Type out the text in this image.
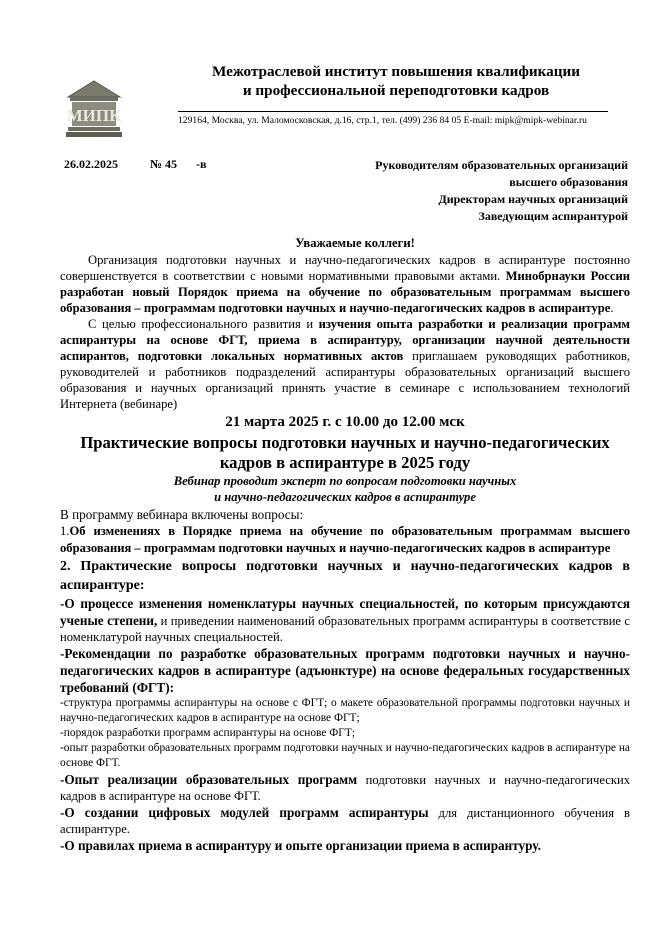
МИПК
Межотраслевой институт повышения квалификации
и профессиональной переподготовки кадров
129164, Москва, ул. Маломосковская, д.16, стр.1, тел. (499) 236 84 05 E-mail: mipk@mipk-webinar.ru
26.02.2025	№ 45 -в	Руководителям образовательных организаций
высшего образования
Директорам научных организаций
Заведующим аспирантурой
Уважаемые коллеги!

Организация подготовки научных и научно-педагогических кадров в аспирантуре постоянно совершенствуется в соответствии с новыми нормативными правовыми актами. Минобрнауки России разработан новый Порядок приема на обучение по образовательным программам высшего образования – программам подготовки научных и научно-педагогических кадров в аспирантуре.

С целью профессионального развития и изучения опыта разработки и реализации программ аспирантуры на основе ФГТ, приема в аспирантуру, организации научной деятельности аспирантов, подготовки локальных нормативных актов приглашаем руководящих работников, руководителей и работников подразделений аспирантуры образовательных организаций высшего образования и научных организаций принять участие в семинаре с использованием технологий Интернета (вебинаре)

21 марта 2025 г. с 10.00 до 12.00 мск
Практические вопросы подготовки научных и научно-педагогических
кадров в аспирантуре в 2025 году
Вебинар проводит эксперт по вопросам подготовки научных
и научно-педагогических кадров в аспирантуре
В программу вебинара включены вопросы:

1.Об изменениях в Порядке приема на обучение по образовательным программам высшего образования – программам подготовки научных и научно-педагогических кадров в аспирантуре

2. Практические вопросы подготовки научных и научно-педагогических кадров в аспирантуре:

-О процессе изменения номенклатуры научных специальностей, по которым присуждаются ученые степени, и приведении наименований образовательных программ аспирантуры в соответствие с номенклатурой научных специальностей.

-Рекомендации по разработке образовательных программ подготовки научных и научно-педагогических кадров в аспирантуре (адъюнктуре) на основе федеральных государственных требований (ФГТ):

-структура программы аспирантуры на основе с ФГТ; о макете образовательной программы подготовки научных и научно-педагогических кадров в аспирантуре на основе ФГТ;

-порядок разработки программ аспирантуры на основе ФГТ;

-опыт разработки образовательных программ подготовки научных и научно-педагогических кадров в аспирантуре на основе ФГТ.

-Опыт реализации образовательных программ подготовки научных и научно-педагогических кадров в аспирантуре на основе ФГТ.

-О создании цифровых модулей программ аспирантуры для дистанционного обучения в аспирантуре.

-О правилах приема в аспирантуру и опыте организации приема в аспирантуру.
